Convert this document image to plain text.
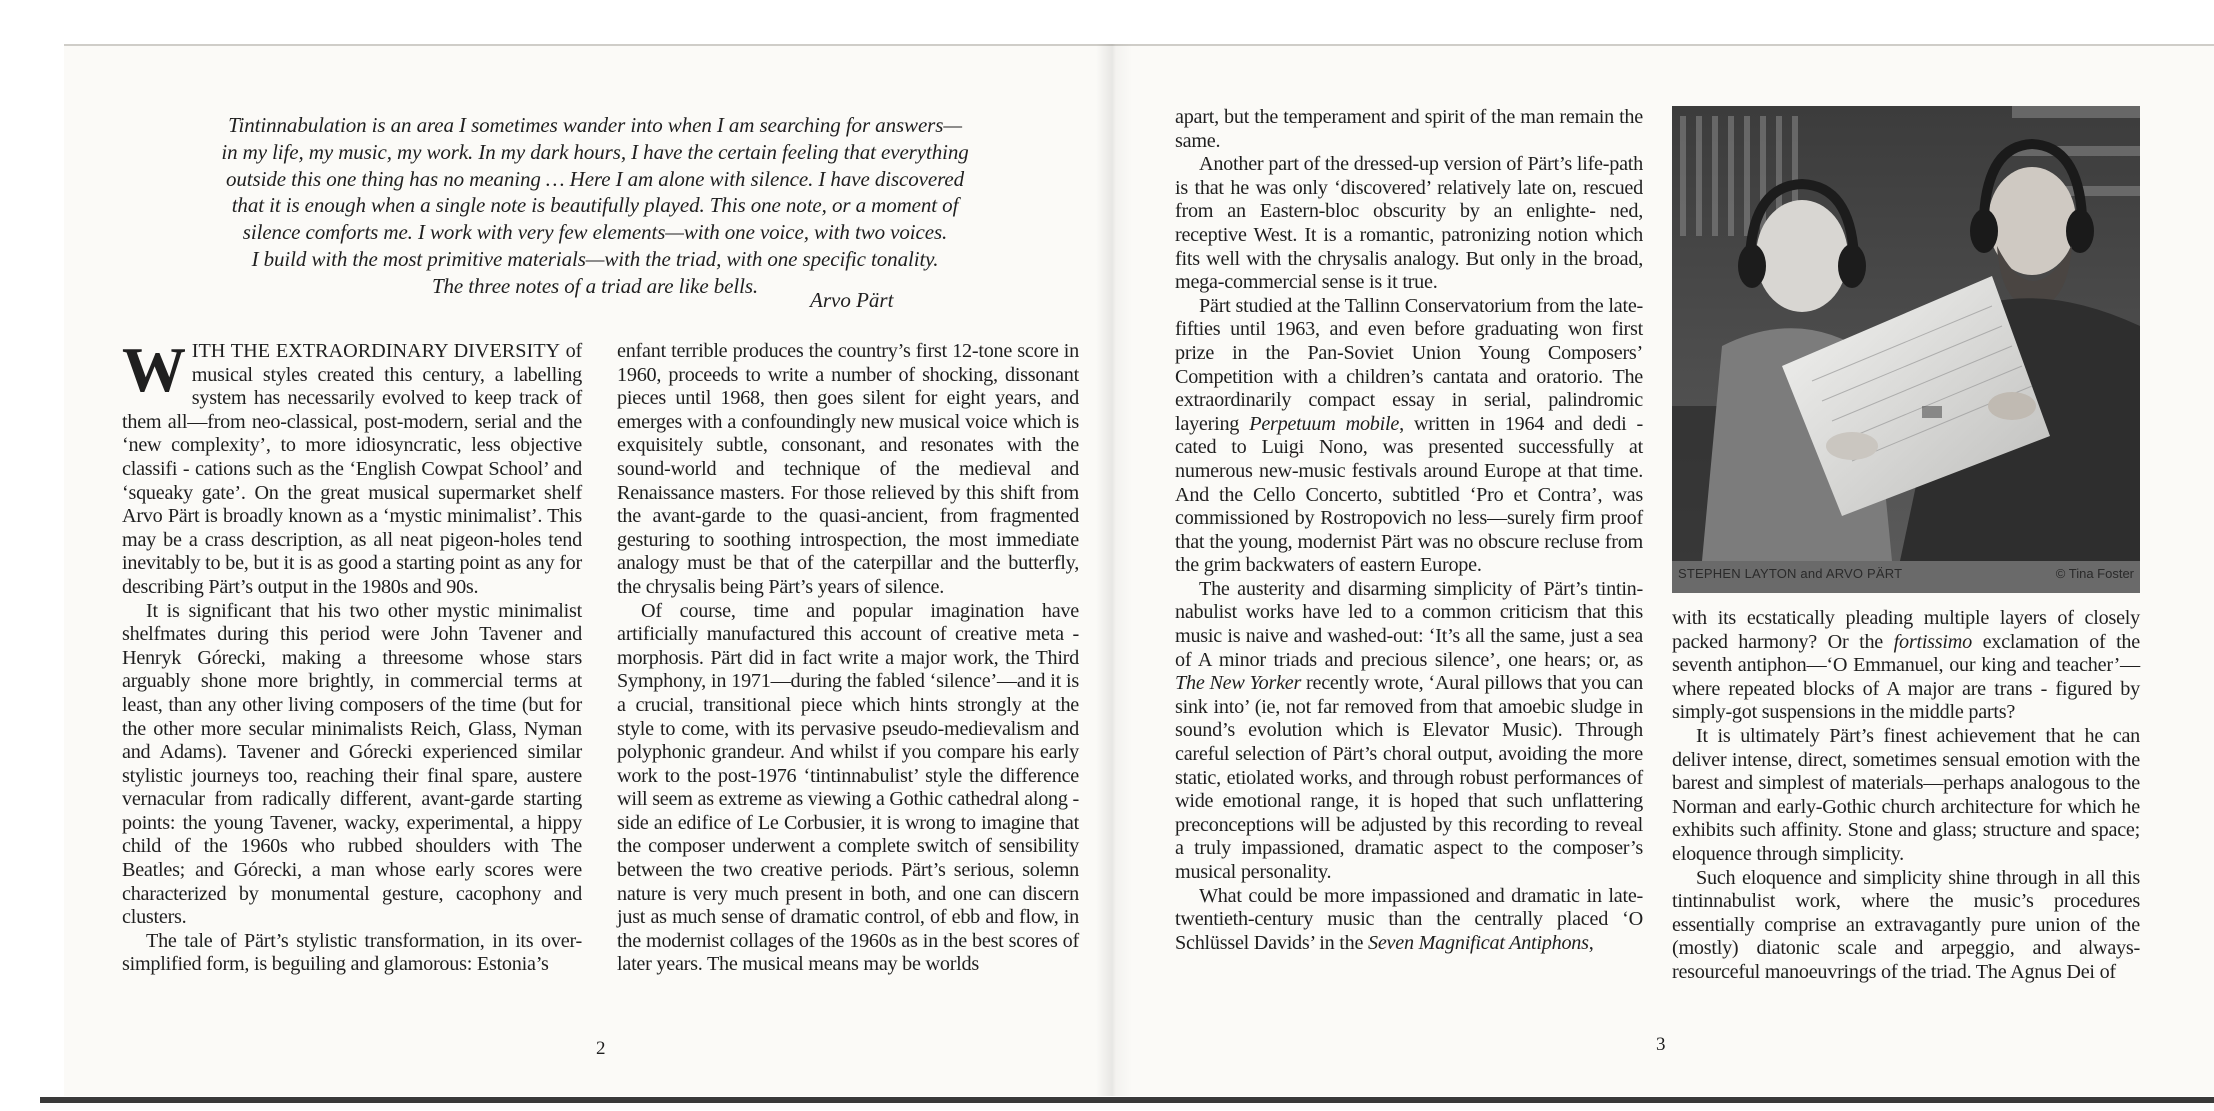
Tintinnabulation is an area I sometimes wander into when I am searching for answers—
in my life, my music, my work. In my dark hours, I have the certain feeling that everything
outside this one thing has no meaning … Here I am alone with silence. I have discovered
that it is enough when a single note is beautifully played. This one note, or a moment of
silence comforts me. I work with very few elements—with one voice, with two voices.
I build with the most primitive materials—with the triad, with one specific tonality.
The three notes of a triad are like bells.
Arvo Pärt

WITH THE EXTRAORDINARY DIVERSITY of musical styles created this century, a labelling system has necessarily evolved to keep track of them all—from neo-classical, post-modern, serial and the ‘new complexity’, to more idiosyncratic, less objective classifi - cations such as the ‘English Cowpat School’ and ‘squeaky gate’. On the great musical supermarket shelf Arvo Pärt is broadly known as a ‘mystic minimalist’. This may be a crass description, as all neat pigeon-holes tend inevitably to be, but it is as good a starting point as any for describing Pärt’s output in the 1980s and 90s.

It is significant that his two other mystic minimalist shelfmates during this period were John Tavener and Henryk Górecki, making a threesome whose stars arguably shone more brightly, in commercial terms at least, than any other living composers of the time (but for the other more secular minimalists Reich, Glass, Nyman and Adams). Tavener and Górecki experienced similar stylistic journeys too, reaching their final spare, austere vernacular from radically different, avant-garde starting points: the young Tavener, wacky, experimental, a hippy child of the 1960s who rubbed shoulders with The Beatles; and Górecki, a man whose early scores were characterized by monumental gesture, cacophony and clusters.

The tale of Pärt’s stylistic transformation, in its over-simplified form, is beguiling and glamorous: Estonia’s

enfant terrible produces the country’s first 12-tone score in 1960, proceeds to write a number of shocking, dissonant pieces until 1968, then goes silent for eight years, and emerges with a confoundingly new musical voice which is exquisitely subtle, consonant, and resonates with the sound-world and technique of the medieval and Renaissance masters. For those relieved by this shift from the avant-garde to the quasi-ancient, from fragmented gesturing to soothing introspection, the most immediate analogy must be that of the caterpillar and the butterfly, the chrysalis being Pärt’s years of silence.

Of course, time and popular imagination have artificially manufactured this account of creative meta - morphosis. Pärt did in fact write a major work, the Third Symphony, in 1971—during the fabled ‘silence’—and it is a crucial, transitional piece which hints strongly at the style to come, with its pervasive pseudo-medievalism and polyphonic grandeur. And whilst if you compare his early work to the post-1976 ‘tintinnabulist’ style the difference will seem as extreme as viewing a Gothic cathedral along - side an edifice of Le Corbusier, it is wrong to imagine that the composer underwent a complete switch of sensibility between the two creative periods. Pärt’s serious, solemn nature is very much present in both, and one can discern just as much sense of dramatic control, of ebb and flow, in the modernist collages of the 1960s as in the best scores of later years. The musical means may be worlds

2

apart, but the temperament and spirit of the man remain the same.

Another part of the dressed-up version of Pärt’s life-path is that he was only ‘discovered’ relatively late on, rescued from an Eastern-bloc obscurity by an enlighte- ned, receptive West. It is a romantic, patronizing notion which fits well with the chrysalis analogy. But only in the broad, mega-commercial sense is it true.

Pärt studied at the Tallinn Conservatorium from the late-fifties until 1963, and even before graduating won first prize in the Pan-Soviet Union Young Composers’ Competition with a children’s cantata and oratorio. The extraordinarily compact essay in serial, palindromic layering Perpetuum mobile, written in 1964 and dedi - cated to Luigi Nono, was presented successfully at numerous new-music festivals around Europe at that time. And the Cello Concerto, subtitled ‘Pro et Contra’, was commissioned by Rostropovich no less—surely firm proof that the young, modernist Pärt was no obscure recluse from the grim backwaters of eastern Europe.

The austerity and disarming simplicity of Pärt’s tintin- nabulist works have led to a common criticism that this music is naive and washed-out: ‘It’s all the same, just a sea of A minor triads and precious silence’, one hears; or, as The New Yorker recently wrote, ‘Aural pillows that you can sink into’ (ie, not far removed from that amoebic sludge in sound’s evolution which is Elevator Music). Through careful selection of Pärt’s choral output, avoiding the more static, etiolated works, and through robust performances of wide emotional range, it is hoped that such unflattering preconceptions will be adjusted by this recording to reveal a truly impassioned, dramatic aspect to the composer’s musical personality.

What could be more impassioned and dramatic in late-twentieth-century music than the centrally placed ‘O Schlüssel Davids’ in the Seven Magnificat Antiphons,

STEPHEN LAYTON and ARVO PÄRT	© Tina Foster

with its ecstatically pleading multiple layers of closely packed harmony? Or the fortissimo exclamation of the seventh antiphon—‘O Emmanuel, our king and teacher’—where repeated blocks of A major are trans - figured by simply-got suspensions in the middle parts?

It is ultimately Pärt’s finest achievement that he can deliver intense, direct, sometimes sensual emotion with the barest and simplest of materials—perhaps analogous to the Norman and early-Gothic church architecture for which he exhibits such affinity. Stone and glass; structure and space; eloquence through simplicity.

Such eloquence and simplicity shine through in all this tintinnabulist work, where the music’s procedures essentially comprise an extravagantly pure union of the (mostly) diatonic scale and arpeggio, and always- resourceful manoeuvrings of the triad. The Agnus Dei of

3
